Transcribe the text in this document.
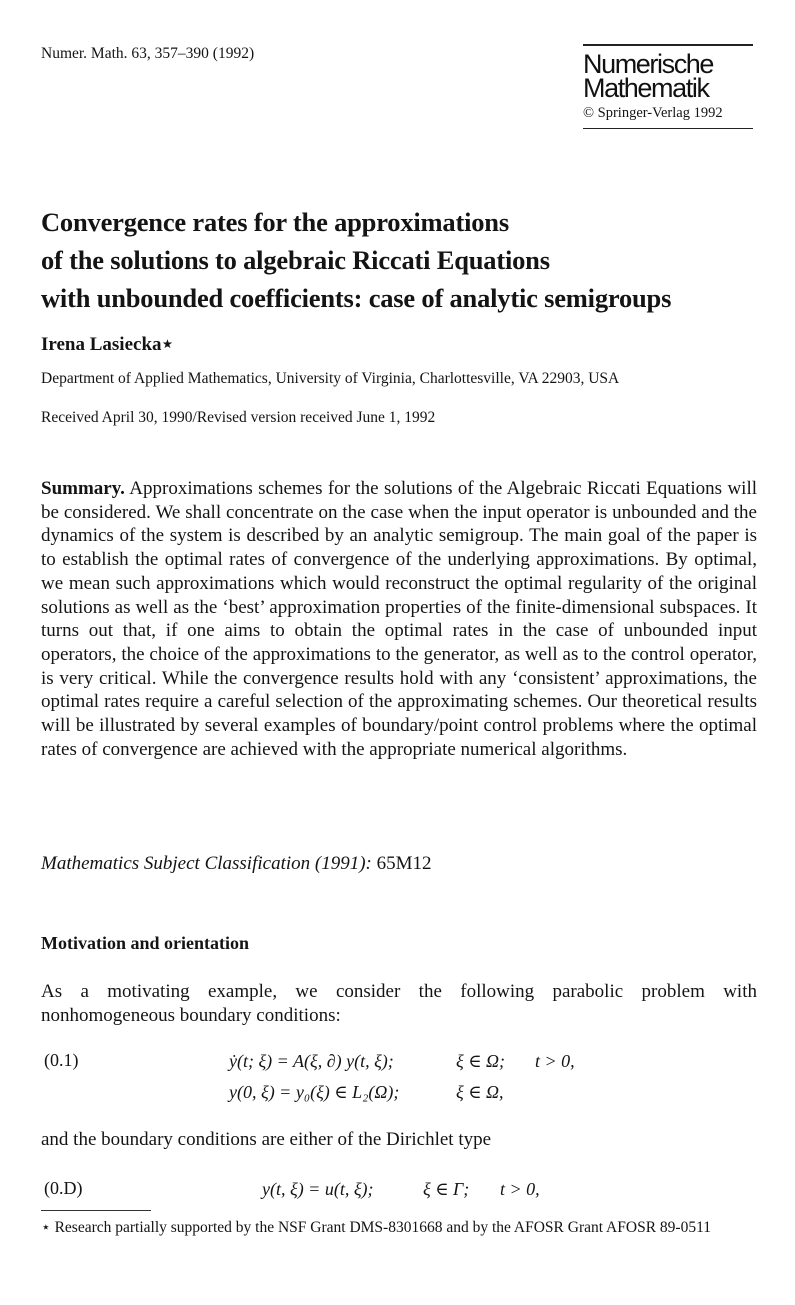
Numer. Math. 63, 357–390 (1992)	Numerische
Mathematik
© Springer-Verlag 1992
Convergence rates for the approximations
of the solutions to algebraic Riccati Equations
with unbounded coefficients: case of analytic semigroups
Irena Lasiecka⋆
Department of Applied Mathematics, University of Virginia, Charlottesville, VA 22903, USA
Received April 30, 1990/Revised version received June 1, 1992
Summary. Approximations schemes for the solutions of the Algebraic Riccati Equations will be considered. We shall concentrate on the case when the input operator is unbounded and the dynamics of the system is described by an analytic semigroup. The main goal of the paper is to establish the optimal rates of convergence of the underlying approximations. By optimal, we mean such approximations which would reconstruct the optimal regularity of the original solutions as well as the ‘best’ approximation properties of the finite-dimensional subspaces. It turns out that, if one aims to obtain the optimal rates in the case of unbounded input operators, the choice of the approximations to the generator, as well as to the control operator, is very critical. While the convergence results hold with any ‘consistent’ approximations, the optimal rates require a careful selection of the approximating schemes. Our theoretical results will be illustrated by several examples of boundary/point control problems where the optimal rates of convergence are achieved with the appropriate numerical algorithms.
Mathematics Subject Classification (1991): 65M12
Motivation and orientation
As a motivating example, we consider the following parabolic problem with nonhomogeneous boundary conditions:
(0.1)	ẏ(t; ξ) = A(ξ, ∂) y(t, ξ);	ξ ∈ Ω; t > 0,
y(0, ξ) = y₀(ξ) ∈ L₂(Ω);	ξ ∈ Ω,
and the boundary conditions are either of the Dirichlet type
(0.D)	y(t, ξ) = u(t, ξ);	ξ ∈ Γ; t > 0,
⋆ Research partially supported by the NSF Grant DMS-8301668 and by the AFOSR Grant AFOSR 89-0511
